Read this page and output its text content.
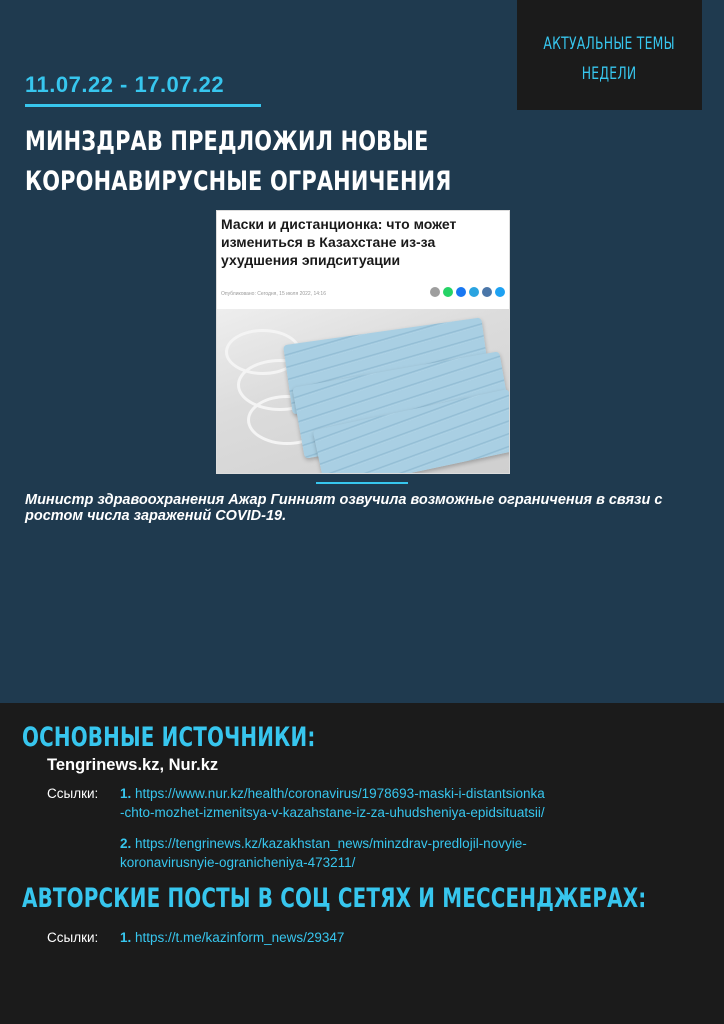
АКТУАЛЬНЫЕ ТЕМЫ
НЕДЕЛИ
11.07.22 - 17.07.22
МИНЗДРАВ ПРЕДЛОЖИЛ НОВЫЕ КОРОНАВИРУСНЫЕ ОГРАНИЧЕНИЯ
Маски и дистанционка: что может измениться в Казахстане из-за ухудшения эпидситуации
Опубликовано: Сегодня, 15 июля 2022, 14:16
Министр здравоохранения Ажар Гинният озвучила возможные ограничения в связи с ростом числа заражений COVID-19.
ОСНОВНЫЕ ИСТОЧНИКИ:
Tengrinews.kz, Nur.kz
Ссылки: 1. https://www.nur.kz/health/coronavirus/1978693-maski-i-distantsionka
-chto-mozhet-izmenitsya-v-kazahstane-iz-za-uhudsheniya-epidsituatsii/
2. https://tengrinews.kz/kazakhstan_news/minzdrav-predlojil-novyie-
koronavirusnyie-ogranicheniya-473211/
АВТОРСКИЕ ПОСТЫ В СОЦ СЕТЯХ И МЕССЕНДЖЕРАХ:
Ссылки: 1. https://t.me/kazinform_news/29347
